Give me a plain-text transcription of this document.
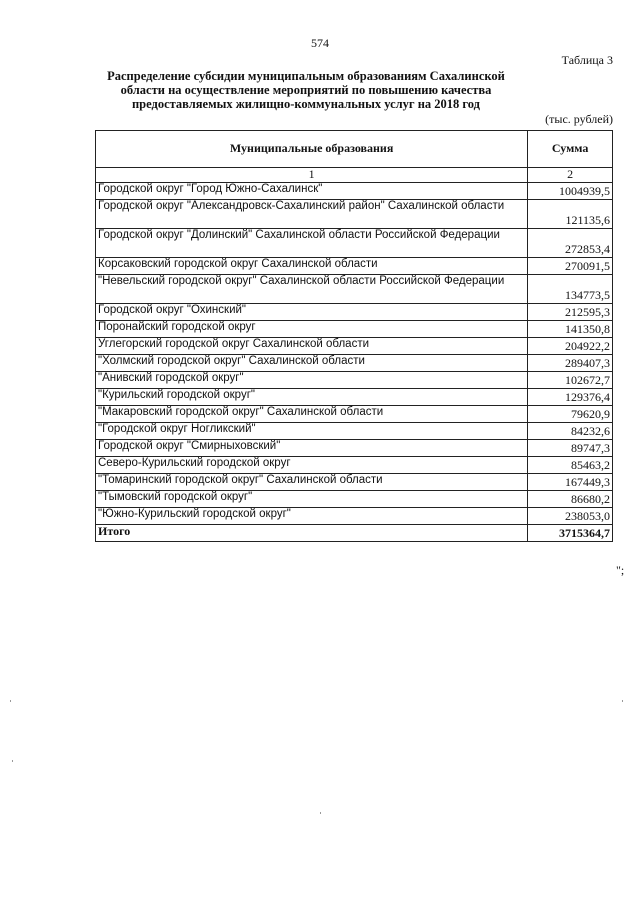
574
Таблица 3
Распределение субсидии муниципальным образованиям Сахалинской области на осуществление мероприятий по повышению качества предоставляемых жилищно-коммунальных услуг на 2018 год
(тыс. рублей)
Муниципальные образования	Сумма
1	2
Городской округ "Город Южно-Сахалинск"	1004939,5
Городской округ "Александровск-Сахалинский район" Сахалинской области	121135,6
Городской округ "Долинский" Сахалинской области Российской Федерации	272853,4
Корсаковский городской округ Сахалинской области	270091,5
"Невельский городской округ" Сахалинской области Российской Федерации	134773,5
Городской округ "Охинский"	212595,3
Поронайский городской округ	141350,8
Углегорский городской округ Сахалинской области	204922,2
"Холмский городской округ" Сахалинской области	289407,3
"Анивский городской округ"	102672,7
"Курильский городской округ"	129376,4
"Макаровский городской округ" Сахалинской области	79620,9
"Городской округ Ногликский"	84232,6
Городской округ "Смирныховский"	89747,3
Северо-Курильский городской округ	85463,2
"Томаринский городской округ" Сахалинской области	167449,3
"Тымовский городской округ"	86680,2
"Южно-Курильский городской округ"	238053,0
Итого	3715364,7
";
